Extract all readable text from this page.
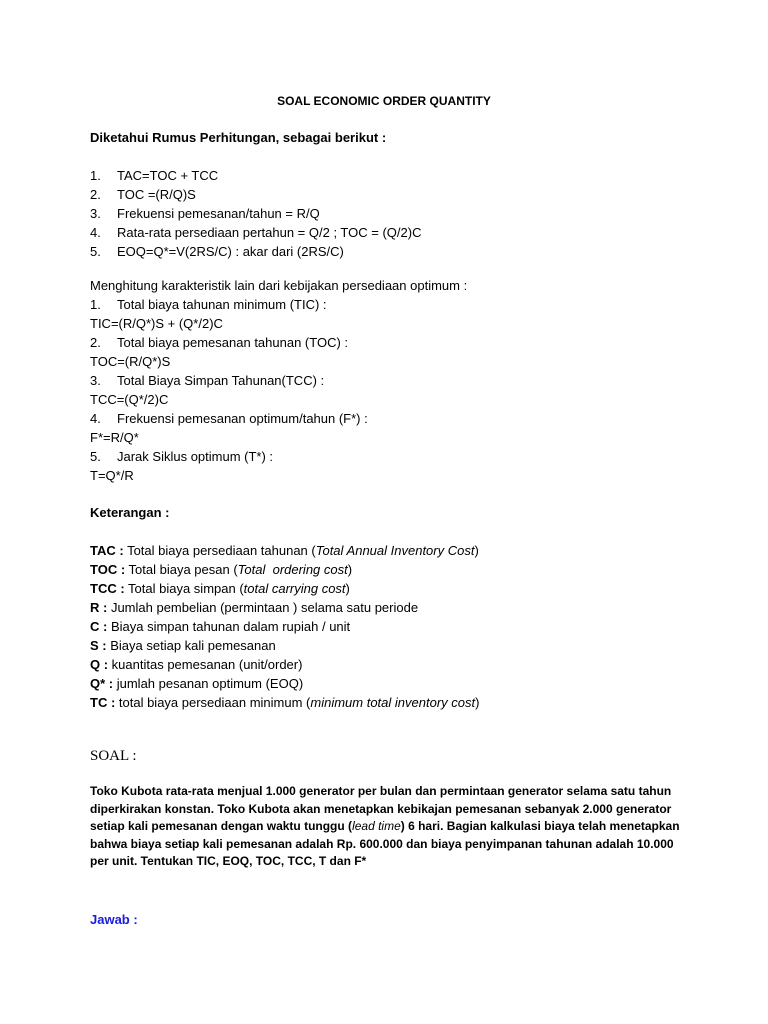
SOAL ECONOMIC ORDER QUANTITY
Diketahui Rumus Perhitungan, sebagai berikut :
1. TAC=TOC + TCC
2. TOC =(R/Q)S
3. Frekuensi pemesanan/tahun = R/Q
4. Rata-rata persediaan pertahun = Q/2 ; TOC = (Q/2)C
5. EOQ=Q*=V(2RS/C) : akar dari (2RS/C)
Menghitung karakteristik lain dari kebijakan persediaan optimum :
1. Total biaya tahunan minimum (TIC) :
TIC=(R/Q*)S + (Q*/2)C
2. Total biaya pemesanan tahunan (TOC) :
TOC=(R/Q*)S
3. Total Biaya Simpan Tahunan(TCC) :
TCC=(Q*/2)C
4. Frekuensi pemesanan optimum/tahun (F*) :
F*=R/Q*
5. Jarak Siklus optimum (T*) :
T=Q*/R
Keterangan :
TAC : Total biaya persediaan tahunan (Total Annual Inventory Cost)
TOC : Total biaya pesan (Total  ordering cost)
TCC : Total biaya simpan (total carrying cost)
R : Jumlah pembelian (permintaan ) selama satu periode
C : Biaya simpan tahunan dalam rupiah / unit
S : Biaya setiap kali pemesanan
Q : kuantitas pemesanan (unit/order)
Q* : jumlah pesanan optimum (EOQ)
TC : total biaya persediaan minimum (minimum total inventory cost)
SOAL :
Toko Kubota rata-rata menjual 1.000 generator per bulan dan permintaan generator selama satu tahun diperkirakan konstan. Toko Kubota akan menetapkan kebikajan pemesanan sebanyak 2.000 generator setiap kali pemesanan dengan waktu tunggu (lead time) 6 hari. Bagian kalkulasi biaya telah menetapkan bahwa biaya setiap kali pemesanan adalah Rp. 600.000 dan biaya penyimpanan tahunan adalah 10.000 per unit. Tentukan TIC, EOQ, TOC, TCC, T dan F*
Jawab :
